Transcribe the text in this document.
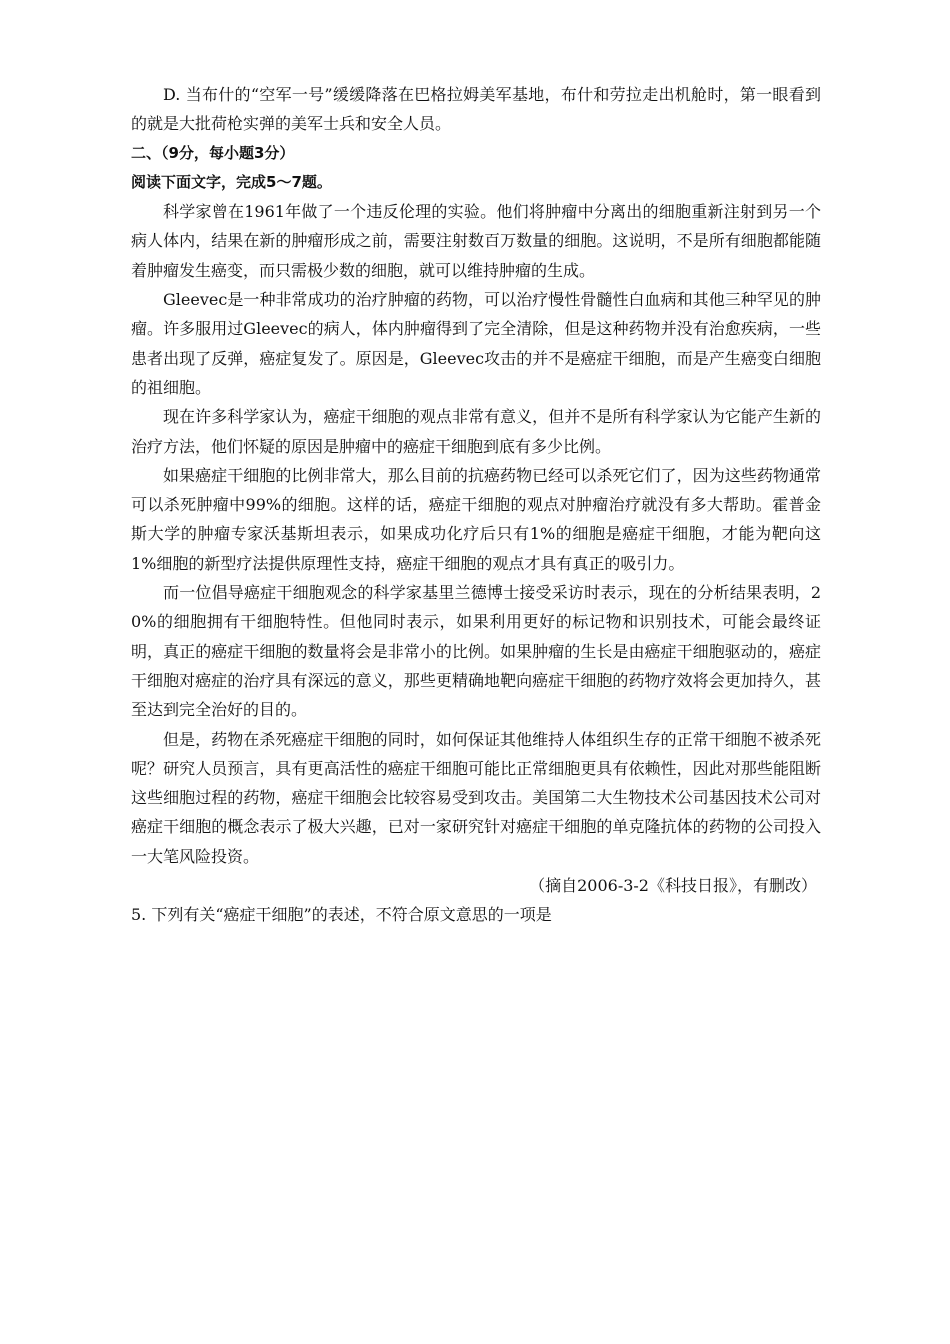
D. 当布什的“空军一号”缓缓降落在巴格拉姆美军基地，布什和劳拉走出机舱时，第一眼看到的就是大批荷枪实弹的美军士兵和安全人员。

二、（9分，每小题3分）

阅读下面文字，完成5～7题。

科学家曾在1961年做了一个违反伦理的实验。他们将肿瘤中分离出的细胞重新注射到另一个病人体内，结果在新的肿瘤形成之前，需要注射数百万数量的细胞。这说明，不是所有细胞都能随着肿瘤发生癌变，而只需极少数的细胞，就可以维持肿瘤的生成。

Gleevec是一种非常成功的治疗肿瘤的药物，可以治疗慢性骨髓性白血病和其他三种罕见的肿瘤。许多服用过Gleevec的病人，体内肿瘤得到了完全清除，但是这种药物并没有治愈疾病，一些患者出现了反弹，癌症复发了。原因是，Gleevec攻击的并不是癌症干细胞，而是产生癌变白细胞的祖细胞。

现在许多科学家认为，癌症干细胞的观点非常有意义，但并不是所有科学家认为它能产生新的治疗方法，他们怀疑的原因是肿瘤中的癌症干细胞到底有多少比例。

如果癌症干细胞的比例非常大，那么目前的抗癌药物已经可以杀死它们了，因为这些药物通常可以杀死肿瘤中99%的细胞。这样的话，癌症干细胞的观点对肿瘤治疗就没有多大帮助。霍普金斯大学的肿瘤专家沃基斯坦表示，如果成功化疗后只有1%的细胞是癌症干细胞，才能为靶向这1%细胞的新型疗法提供原理性支持，癌症干细胞的观点才具有真正的吸引力。

而一位倡导癌症干细胞观念的科学家基里兰德博士接受采访时表示，现在的分析结果表明，20%的细胞拥有干细胞特性。但他同时表示，如果利用更好的标记物和识别技术，可能会最终证明，真正的癌症干细胞的数量将会是非常小的比例。如果肿瘤的生长是由癌症干细胞驱动的，癌症干细胞对癌症的治疗具有深远的意义，那些更精确地靶向癌症干细胞的药物疗效将会更加持久，甚至达到完全治好的目的。

但是，药物在杀死癌症干细胞的同时，如何保证其他维持人体组织生存的正常干细胞不被杀死呢？研究人员预言，具有更高活性的癌症干细胞可能比正常细胞更具有依赖性，因此对那些能阻断这些细胞过程的药物，癌症干细胞会比较容易受到攻击。美国第二大生物技术公司基因技术公司对癌症干细胞的概念表示了极大兴趣，已对一家研究针对癌症干细胞的单克隆抗体的药物的公司投入一大笔风险投资。

（摘自2006-3-2《科技日报》，有删改）

5. 下列有关“癌症干细胞”的表述，不符合原文意思的一项是
